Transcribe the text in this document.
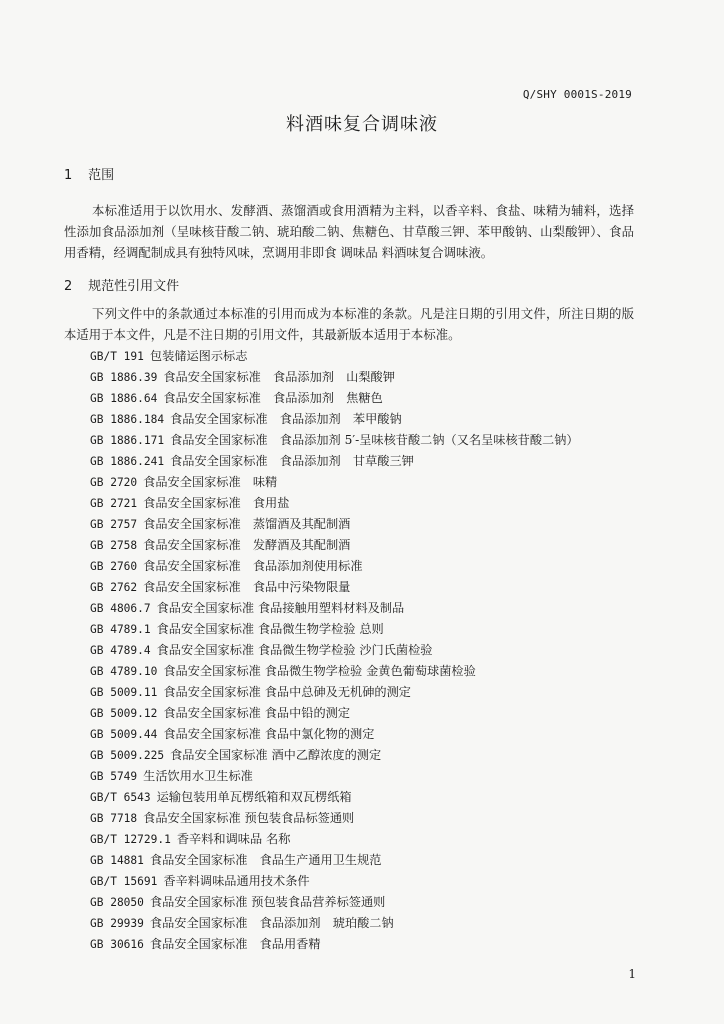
Q/SHY 0001S-2019
料酒味复合调味液
1 范围
本标准适用于以饮用水、发酵酒、蒸馏酒或食用酒精为主料，以香辛料、食盐、味精为辅料，选择性添加食品添加剂（呈味核苷酸二钠、琥珀酸二钠、焦糖色、甘草酸三钾、苯甲酸钠、山梨酸钾）、食品用香精，经调配制成具有独特风味，烹调用非即食 调味品 料酒味复合调味液。
2 规范性引用文件
下列文件中的条款通过本标准的引用而成为本标准的条款。凡是注日期的引用文件，所注日期的版本适用于本文件，凡是不注日期的引用文件，其最新版本适用于本标准。
GB/T 191 包装储运图示标志
GB 1886.39 食品安全国家标准　食品添加剂　山梨酸钾
GB 1886.64 食品安全国家标准　食品添加剂　焦糖色
GB 1886.184 食品安全国家标准　食品添加剂　苯甲酸钠
GB 1886.171 食品安全国家标准　食品添加剂 5′-呈味核苷酸二钠（又名呈味核苷酸二钠）
GB 1886.241 食品安全国家标准　食品添加剂　甘草酸三钾
GB 2720 食品安全国家标准　味精
GB 2721 食品安全国家标准　食用盐
GB 2757 食品安全国家标准　蒸馏酒及其配制酒
GB 2758 食品安全国家标准　发酵酒及其配制酒
GB 2760 食品安全国家标准　食品添加剂使用标准
GB 2762 食品安全国家标准　食品中污染物限量
GB 4806.7 食品安全国家标准 食品接触用塑料材料及制品
GB 4789.1 食品安全国家标准 食品微生物学检验 总则
GB 4789.4 食品安全国家标准 食品微生物学检验 沙门氏菌检验
GB 4789.10 食品安全国家标准 食品微生物学检验 金黄色葡萄球菌检验
GB 5009.11 食品安全国家标准 食品中总砷及无机砷的测定
GB 5009.12 食品安全国家标准 食品中铅的测定
GB 5009.44 食品安全国家标准 食品中氯化物的测定
GB 5009.225 食品安全国家标准 酒中乙醇浓度的测定
GB 5749 生活饮用水卫生标准
GB/T 6543 运输包装用单瓦楞纸箱和双瓦楞纸箱
GB 7718 食品安全国家标准 预包装食品标签通则
GB/T 12729.1 香辛料和调味品 名称
GB 14881 食品安全国家标准　食品生产通用卫生规范
GB/T 15691 香辛料调味品通用技术条件
GB 28050 食品安全国家标准 预包装食品营养标签通则
GB 29939 食品安全国家标准　食品添加剂　琥珀酸二钠
GB 30616 食品安全国家标准　食品用香精
1
